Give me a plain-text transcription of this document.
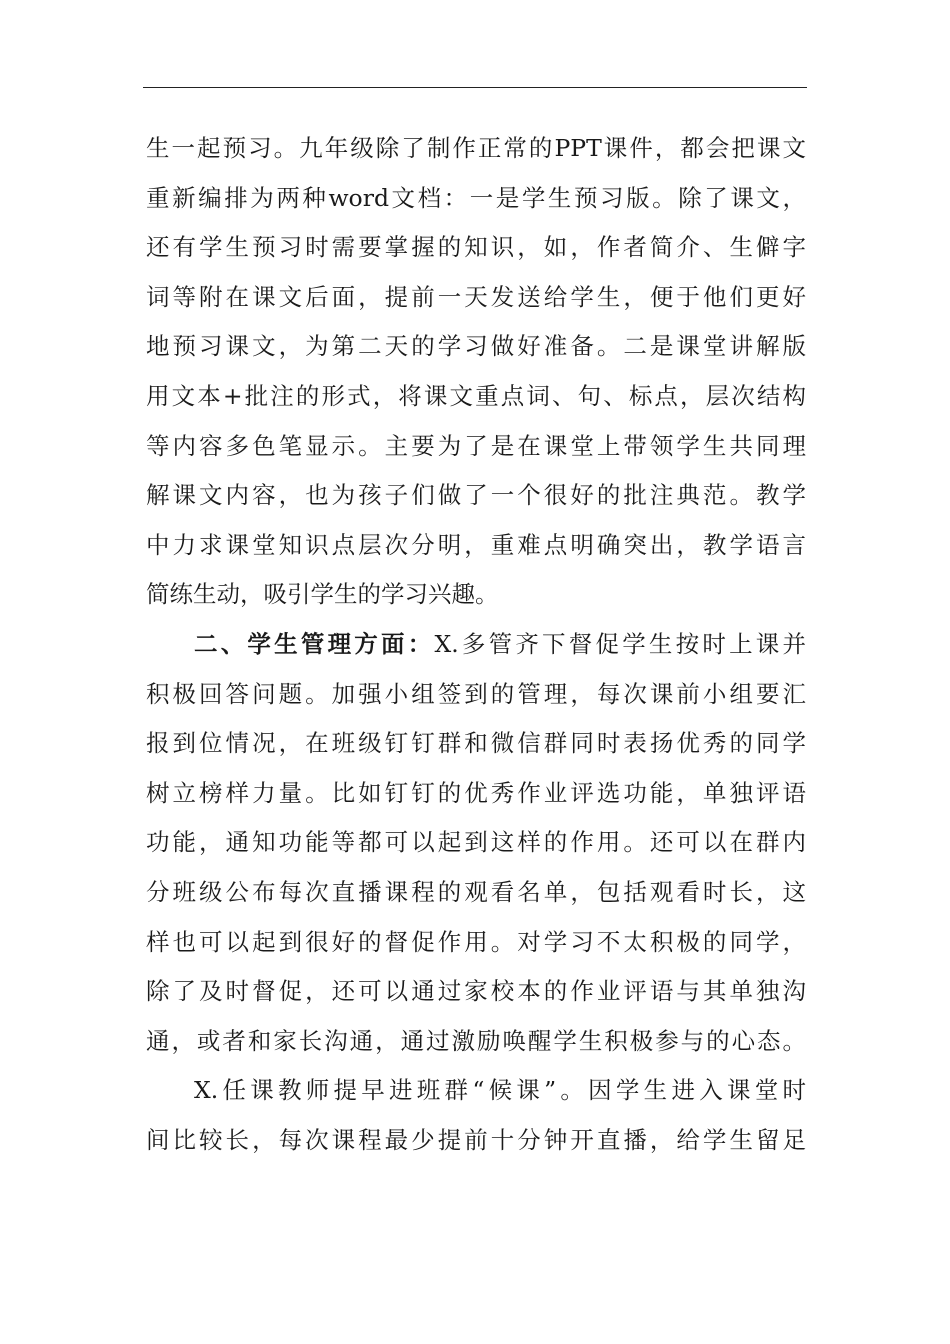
生一起预习。九年级除了制作正常的PPT课件，都会把课文
重新编排为两种word文档：一是学生预习版。除了课文，
还有学生预习时需要掌握的知识，如，作者简介、生僻字
词等附在课文后面，提前一天发送给学生，便于他们更好
地预习课文，为第二天的学习做好准备。二是课堂讲解版
用文本+批注的形式，将课文重点词、句、标点，层次结构
等内容多色笔显示。主要为了是在课堂上带领学生共同理
解课文内容，也为孩子们做了一个很好的批注典范。教学
中力求课堂知识点层次分明，重难点明确突出，教学语言
简练生动，吸引学生的学习兴趣。
二、学生管理方面：X.多管齐下督促学生按时上课并
积极回答问题。加强小组签到的管理，每次课前小组要汇
报到位情况，在班级钉钉群和微信群同时表扬优秀的同学
树立榜样力量。比如钉钉的优秀作业评选功能，单独评语
功能，通知功能等都可以起到这样的作用。还可以在群内
分班级公布每次直播课程的观看名单，包括观看时长，这
样也可以起到很好的督促作用。对学习不太积极的同学，
除了及时督促，还可以通过家校本的作业评语与其单独沟
通，或者和家长沟通，通过激励唤醒学生积极参与的心态。
X.任课教师提早进班群“候课”。因学生进入课堂时
间比较长，每次课程最少提前十分钟开直播，给学生留足
